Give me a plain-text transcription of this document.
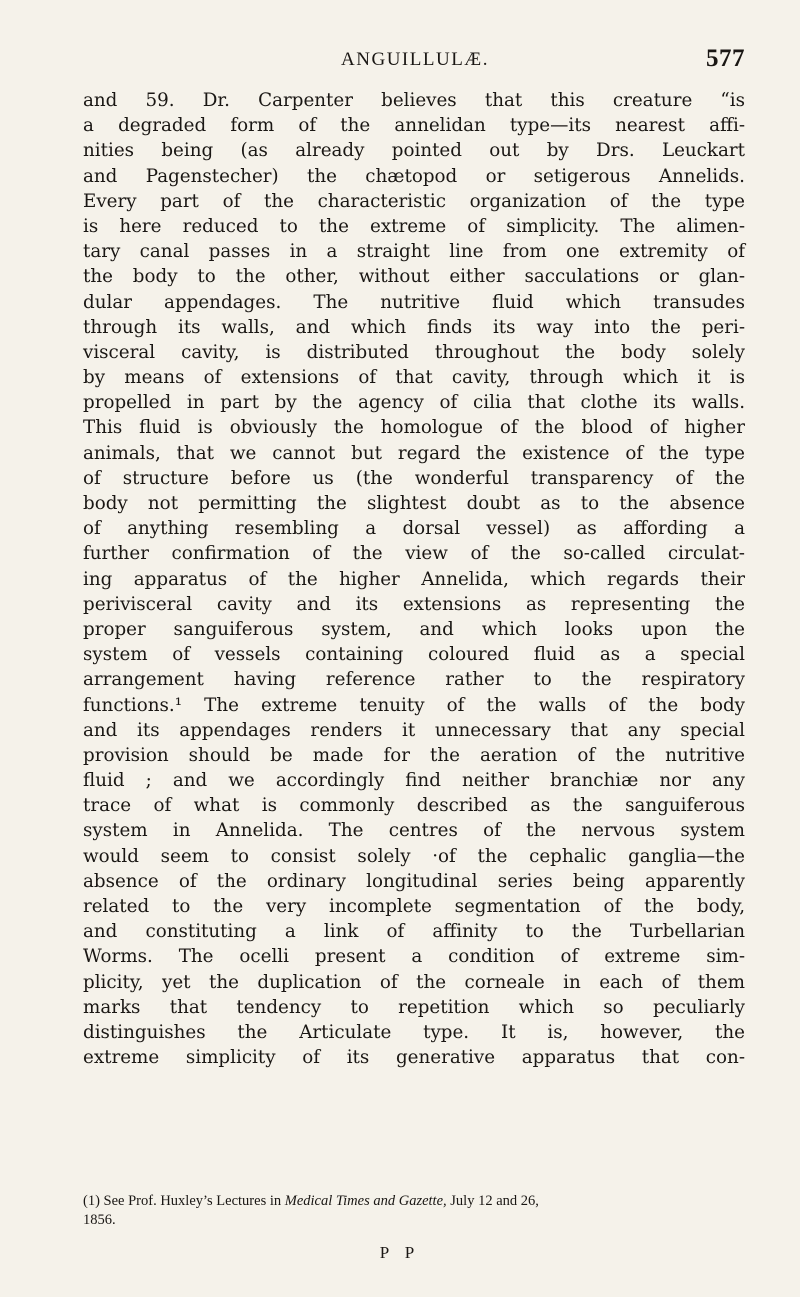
ANGUILLULÆ.	577
and 59. Dr. Carpenter believes that this creature “is
a degraded form of the annelidan type—its nearest affi-
nities being (as already pointed out by Drs. Leuckart
and Pagenstecher) the chætopod or setigerous Annelids.
Every part of the characteristic organization of the type
is here reduced to the extreme of simplicity. The alimen-
tary canal passes in a straight line from one extremity of
the body to the other, without either sacculations or glan-
dular appendages. The nutritive fluid which transudes
through its walls, and which finds its way into the peri-
visceral cavity, is distributed throughout the body solely
by means of extensions of that cavity, through which it is
propelled in part by the agency of cilia that clothe its walls.
This fluid is obviously the homologue of the blood of higher
animals, that we cannot but regard the existence of the type
of structure before us (the wonderful transparency of the
body not permitting the slightest doubt as to the absence
of anything resembling a dorsal vessel) as affording a
further confirmation of the view of the so-called circulat-
ing apparatus of the higher Annelida, which regards their
perivisceral cavity and its extensions as representing the
proper sanguiferous system, and which looks upon the
system of vessels containing coloured fluid as a special
arrangement having reference rather to the respiratory
functions.¹ The extreme tenuity of the walls of the body
and its appendages renders it unnecessary that any special
provision should be made for the aeration of the nutritive
fluid ; and we accordingly find neither branchiæ nor any
trace of what is commonly described as the sanguiferous
system in Annelida. The centres of the nervous system
would seem to consist solely ·of the cephalic ganglia—the
absence of the ordinary longitudinal series being apparently
related to the very incomplete segmentation of the body,
and constituting a link of affinity to the Turbellarian
Worms. The ocelli present a condition of extreme sim-
plicity, yet the duplication of the corneale in each of them
marks that tendency to repetition which so peculiarly
distinguishes the Articulate type. It is, however, the
extreme simplicity of its generative apparatus that con-
(1) See Prof. Huxley’s Lectures in Medical Times and Gazette, July 12 and 26,
1856.
P P
